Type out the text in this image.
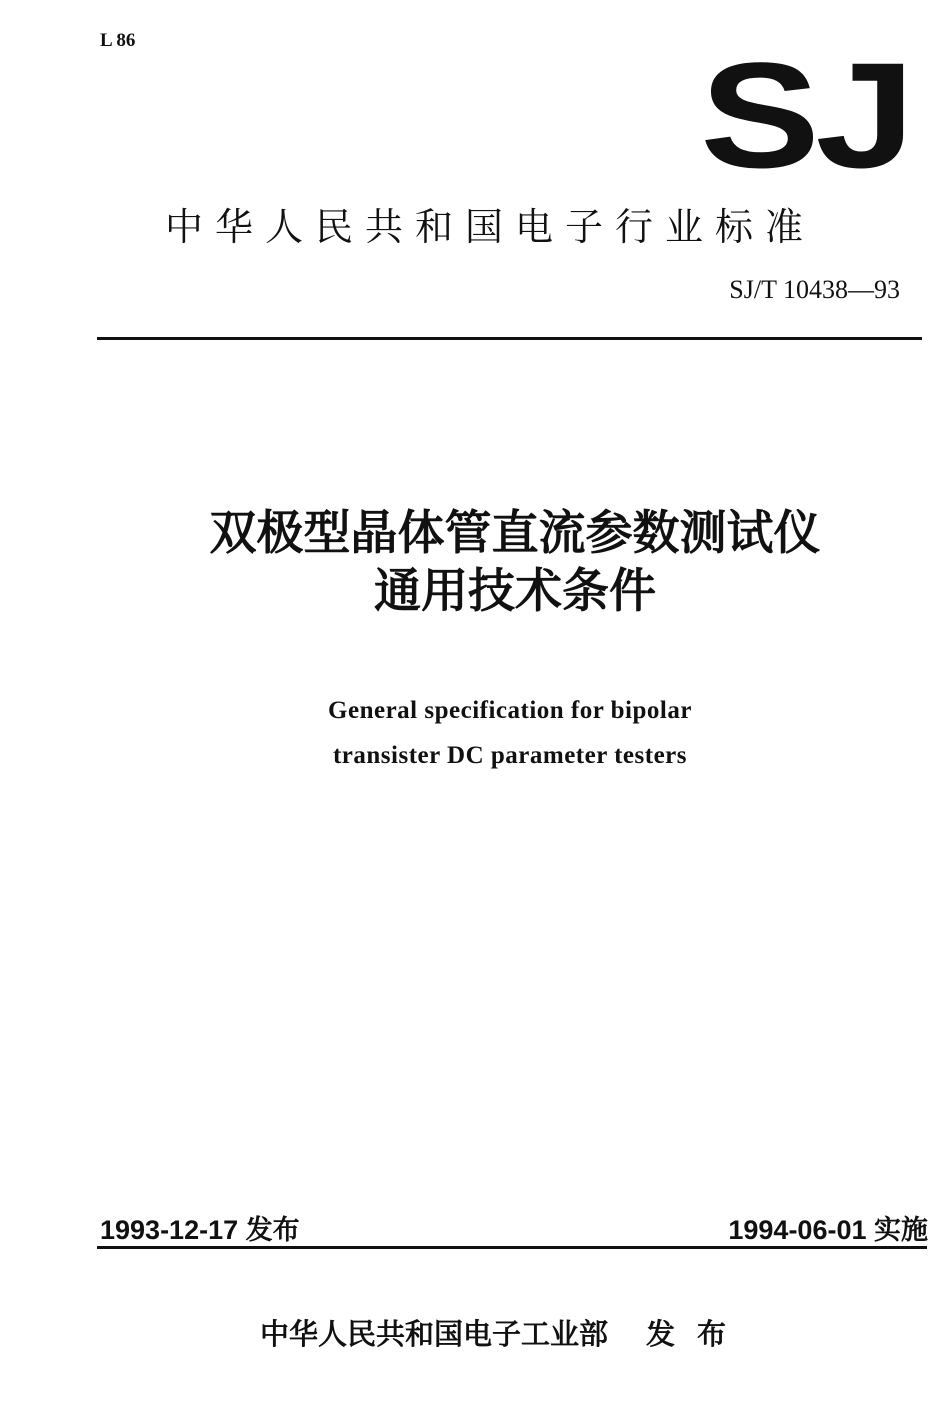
L 86	SJ
中华人民共和国电子行业标准
SJ/T 10438—93
双极型晶体管直流参数测试仪
通用技术条件
General specification for bipolar
transister DC parameter testers
1993-12-17 发布	1994-06-01 实施
中华人民共和国电子工业部 发 布
